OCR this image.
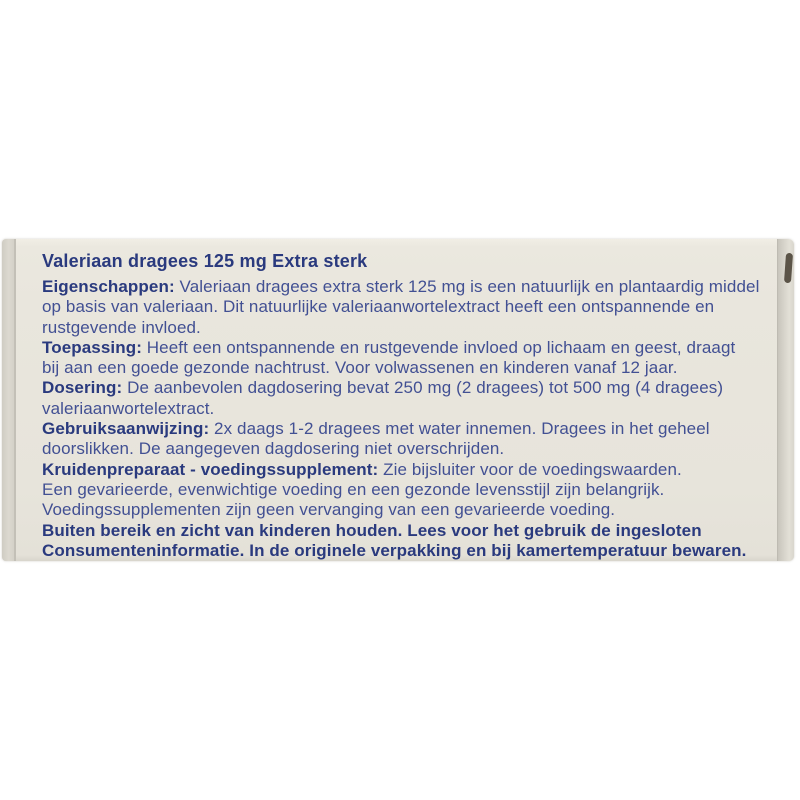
Valeriaan dragees 125 mg Extra sterk
Eigenschappen: Valeriaan dragees extra sterk 125 mg is een natuurlijk en plantaardig middel
op basis van valeriaan. Dit natuurlijke valeriaanwortelextract heeft een ontspannende en
rustgevende invloed.
Toepassing: Heeft een ontspannende en rustgevende invloed op lichaam en geest, draagt
bij aan een goede gezonde nachtrust. Voor volwassenen en kinderen vanaf 12 jaar.
Dosering: De aanbevolen dagdosering bevat 250 mg (2 dragees) tot 500 mg (4 dragees)
valeriaanwortelextract.
Gebruiksaanwijzing: 2x daags 1-2 dragees met water innemen. Dragees in het geheel
doorslikken. De aangegeven dagdosering niet overschrijden.
Kruidenpreparaat - voedingssupplement: Zie bijsluiter voor de voedingswaarden.
Een gevarieerde, evenwichtige voeding en een gezonde levensstijl zijn belangrijk.
Voedingssupplementen zijn geen vervanging van een gevarieerde voeding.
Buiten bereik en zicht van kinderen houden. Lees voor het gebruik de ingesloten
Consumenteninformatie. In de originele verpakking en bij kamertemperatuur bewaren.
